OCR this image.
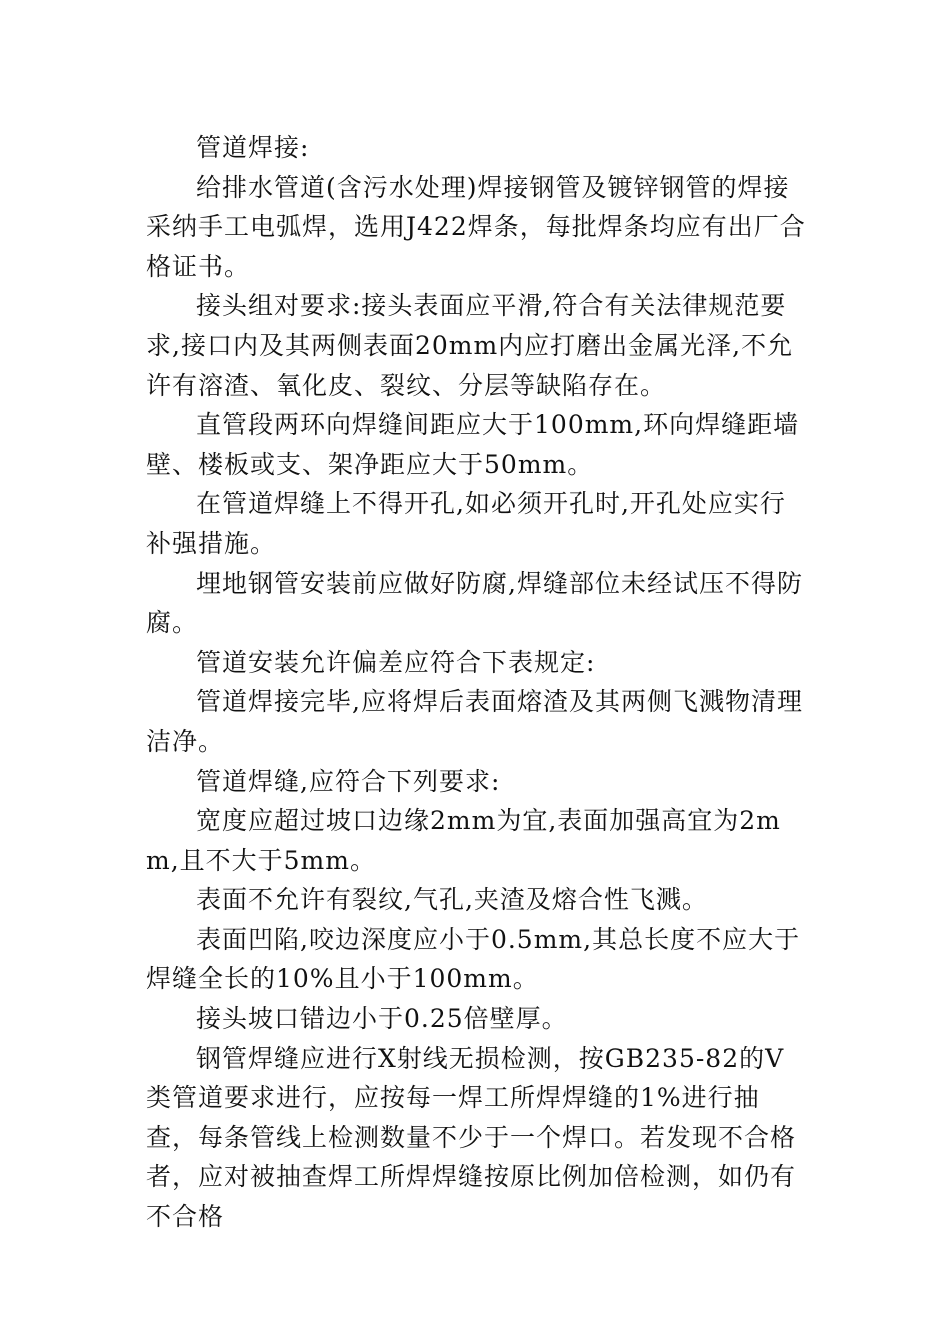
管道焊接:

给排水管道(含污水处理)焊接钢管及镀锌钢管的焊接采纳手工电弧焊，选用J422焊条，每批焊条均应有出厂合格证书。

接头组对要求:接头表面应平滑,符合有关法律规范要求,接口内及其两侧表面20mm内应打磨出金属光泽,不允许有溶渣、氧化皮、裂纹、分层等缺陷存在。

直管段两环向焊缝间距应大于100mm,环向焊缝距墙壁、楼板或支、架净距应大于50mm。

在管道焊缝上不得开孔,如必须开孔时,开孔处应实行补强措施。

埋地钢管安装前应做好防腐,焊缝部位未经试压不得防腐。

管道安装允许偏差应符合下表规定:

管道焊接完毕,应将焊后表面熔渣及其两侧飞溅物清理洁净。

管道焊缝,应符合下列要求:

宽度应超过坡口边缘2mm为宜,表面加强高宜为2mm,且不大于5mm。

表面不允许有裂纹,气孔,夹渣及熔合性飞溅。

表面凹陷,咬边深度应小于0.5mm,其总长度不应大于焊缝全长的10%且小于100mm。

接头坡口错边小于0.25倍壁厚。

钢管焊缝应进行X射线无损检测，按GB235-82的V类管道要求进行，应按每一焊工所焊焊缝的1%进行抽查，每条管线上检测数量不少于一个焊口。若发现不合格者，应对被抽查焊工所焊焊缝按原比例加倍检测，如仍有不合格
